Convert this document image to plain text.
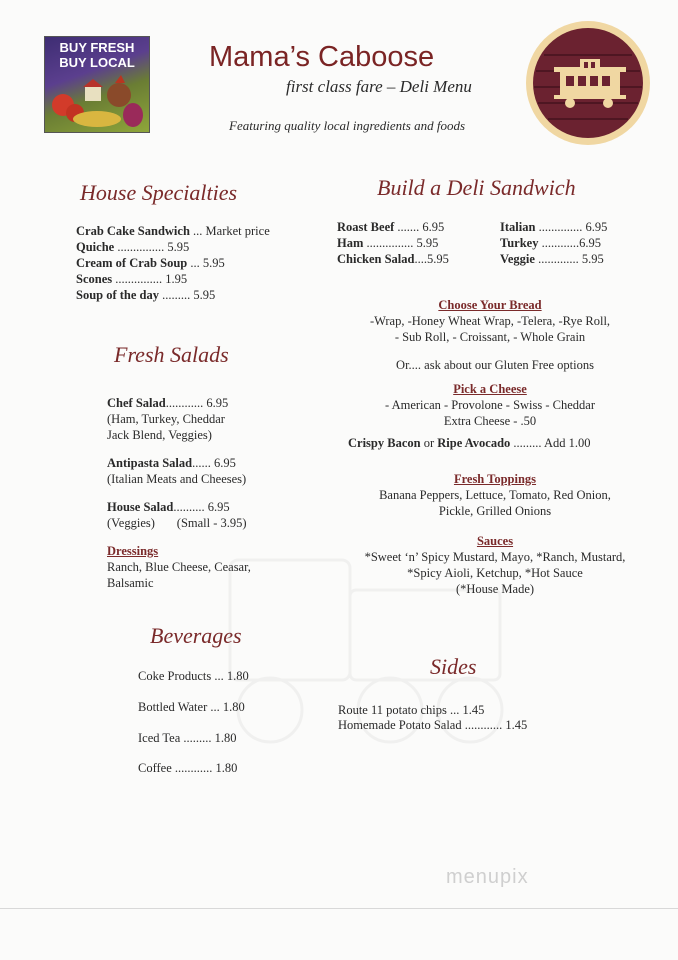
BUY FRESH
BUY LOCAL	Mama’s Caboose
first class fare – Deli Menu
Featuring quality local ingredients and foods
House Specialties
Crab Cake Sandwich ... Market price
Quiche ............... 5.95
Cream of Crab Soup ... 5.95
Scones ............... 1.95
Soup of the day ......... 5.95
Fresh Salads
Chef Salad............ 6.95
(Ham, Turkey, Cheddar
Jack Blend, Veggies)
Antipasta Salad...... 6.95
(Italian Meats and Cheeses)
House Salad.......... 6.95
(Veggies)       (Small - 3.95)
Dressings
Ranch, Blue Cheese, Ceasar,
Balsamic
Beverages
Coke Products ... 1.80
Bottled Water ... 1.80
Iced Tea ......... 1.80
Coffee ............ 1.80
Build a Deli Sandwich
Roast Beef ....... 6.95
Ham ............... 5.95
Chicken Salad....5.95
Italian .............. 6.95
Turkey ............6.95
Veggie ............. 5.95
Choose Your Bread
-Wrap, -Honey Wheat Wrap, -Telera, -Rye Roll,
- Sub Roll, - Croissant, - Whole Grain
Or.... ask about our Gluten Free options
Pick a Cheese
- American - Provolone - Swiss - Cheddar
Extra Cheese - .50
Crispy Bacon or Ripe Avocado ......... Add 1.00
Fresh Toppings
Banana Peppers, Lettuce, Tomato, Red Onion,
Pickle, Grilled Onions
Sauces
*Sweet ‘n’ Spicy Mustard, Mayo, *Ranch, Mustard,
*Spicy Aioli, Ketchup, *Hot Sauce
(*House Made)
Sides
Route 11 potato chips ... 1.45
Homemade Potato Salad ............ 1.45
menupix
